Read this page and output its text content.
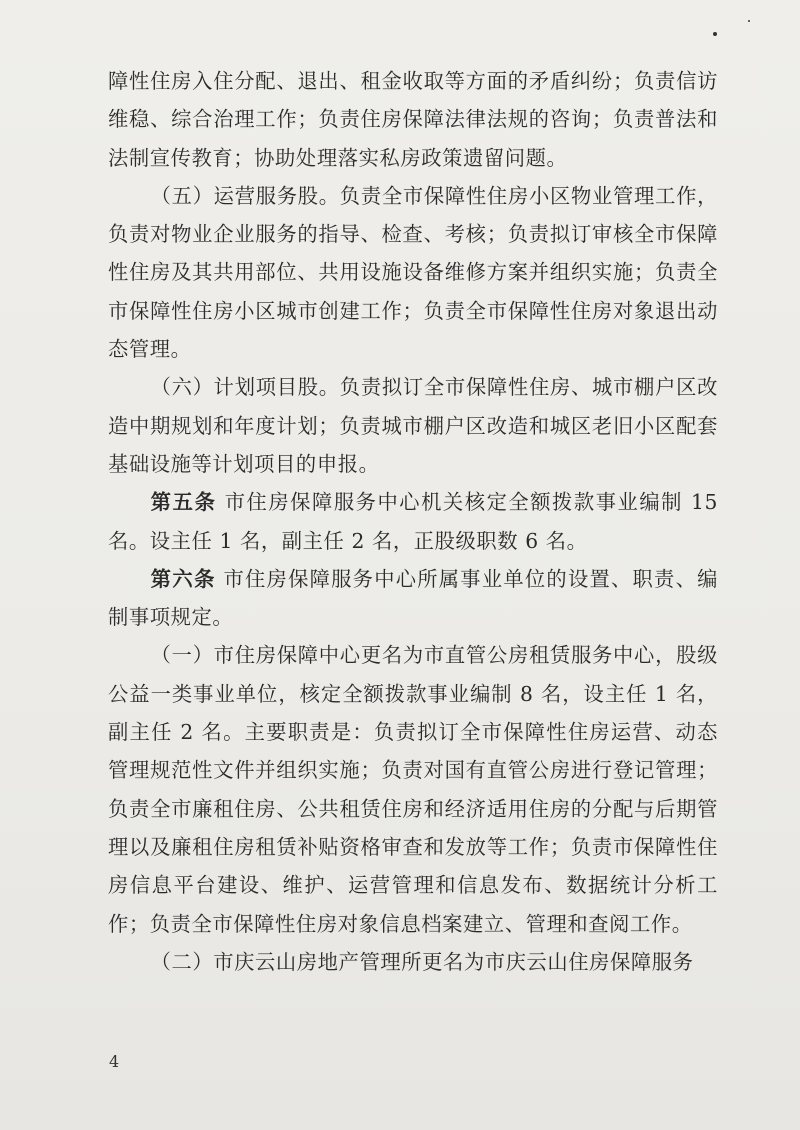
障性住房入住分配、退出、租金收取等方面的矛盾纠纷；负责信访维稳、综合治理工作；负责住房保障法律法规的咨询；负责普法和法制宣传教育；协助处理落实私房政策遗留问题。

（五）运营服务股。负责全市保障性住房小区物业管理工作，负责对物业企业服务的指导、检查、考核；负责拟订审核全市保障性住房及其共用部位、共用设施设备维修方案并组织实施；负责全市保障性住房小区城市创建工作；负责全市保障性住房对象退出动态管理。

（六）计划项目股。负责拟订全市保障性住房、城市棚户区改造中期规划和年度计划；负责城市棚户区改造和城区老旧小区配套基础设施等计划项目的申报。

第五条 市住房保障服务中心机关核定全额拨款事业编制 15 名。设主任 1 名，副主任 2 名，正股级职数 6 名。

第六条 市住房保障服务中心所属事业单位的设置、职责、编制事项规定。

（一）市住房保障中心更名为市直管公房租赁服务中心，股级公益一类事业单位，核定全额拨款事业编制 8 名，设主任 1 名，副主任 2 名。主要职责是：负责拟订全市保障性住房运营、动态管理规范性文件并组织实施；负责对国有直管公房进行登记管理；负责全市廉租住房、公共租赁住房和经济适用住房的分配与后期管理以及廉租住房租赁补贴资格审查和发放等工作；负责市保障性住房信息平台建设、维护、运营管理和信息发布、数据统计分析工作；负责全市保障性住房对象信息档案建立、管理和查阅工作。

（二）市庆云山房地产管理所更名为市庆云山住房保障服务

4
